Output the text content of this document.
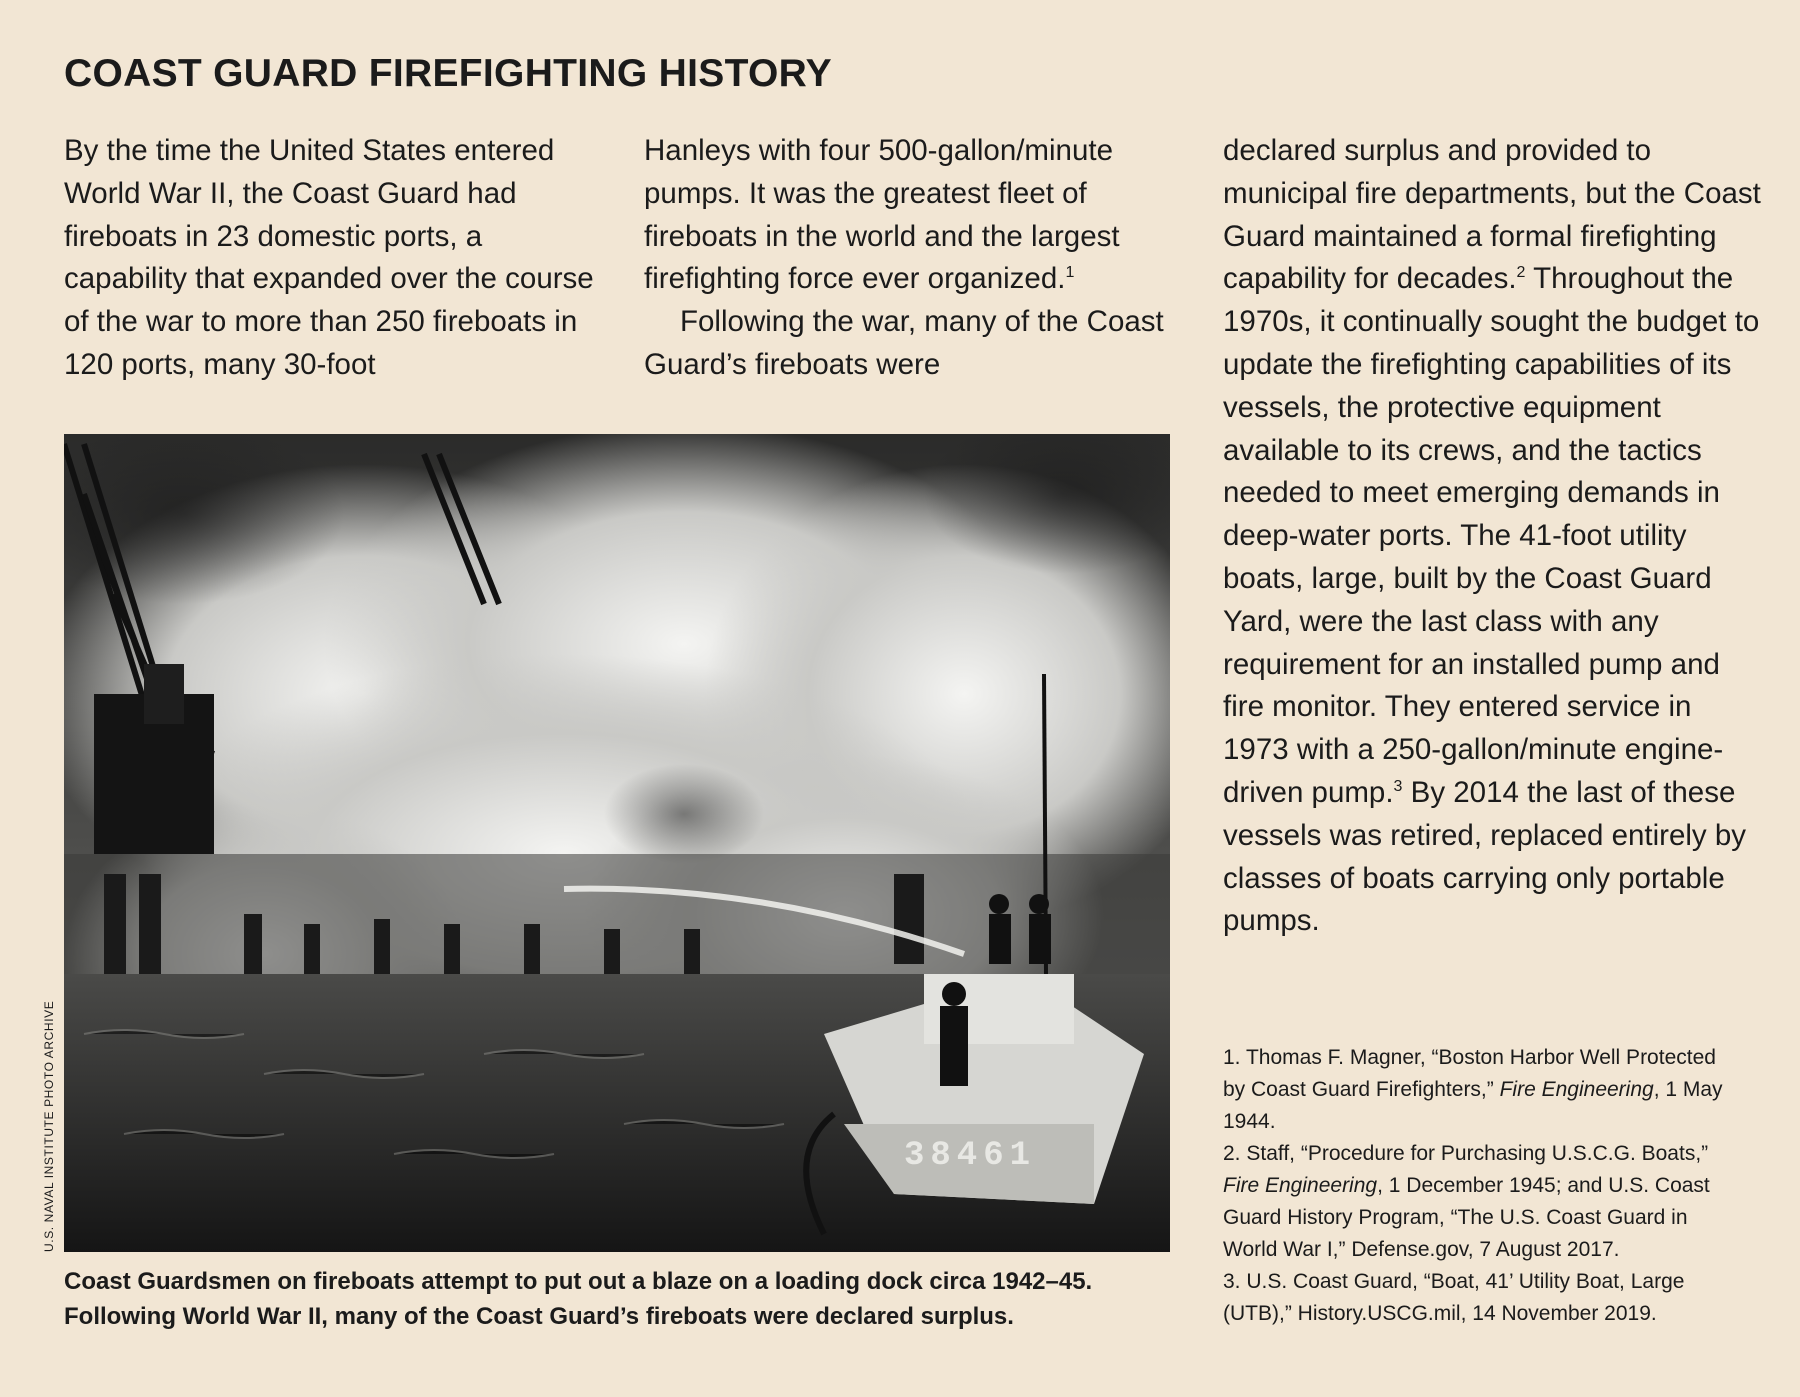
COAST GUARD FIREFIGHTING HISTORY

By the time the United States entered World War II, the Coast Guard had fireboats in 23 domestic ports, a capability that expanded over the course of the war to more than 250 fireboats in 120 ports, many 30-foot

Hanleys with four 500-gallon/minute pumps. It was the greatest fleet of fireboats in the world and the largest firefighting force ever organized.$^1$

Following the war, many of the Coast Guard’s fireboats were

declared surplus and provided to municipal fire departments, but the Coast Guard maintained a formal firefighting capability for decades.$^2$ Throughout the 1970s, it continually sought the budget to update the firefighting capabilities of its vessels, the protective equipment available to its crews, and the tactics needed to meet emerging demands in deep-water ports. The 41-foot utility boats, large, built by the Coast Guard Yard, were the last class with any requirement for an installed pump and fire monitor. They entered service in 1973 with a 250-gallon/minute engine-driven pump.$^3$ By 2014 the last of these vessels was retired, replaced entirely by classes of boats carrying only portable pumps.

38461
U.S. NAVAL INSTITUTE PHOTO ARCHIVE

Coast Guardsmen on fireboats attempt to put out a blaze on a loading dock circa 1942–45. Following World War II, many of the Coast Guard’s fireboats were declared surplus.

1. Thomas F. Magner, “Boston Harbor Well Protected by Coast Guard Firefighters,” Fire Engineering, 1 May 1944.

2. Staff, “Procedure for Purchasing U.S.C.G. Boats,” Fire Engineering, 1 December 1945; and U.S. Coast Guard History Program, “The U.S. Coast Guard in World War I,” Defense.gov, 7 August 2017.

3. U.S. Coast Guard, “Boat, 41’ Utility Boat, Large (UTB),” History.USCG.mil, 14 November 2019.
